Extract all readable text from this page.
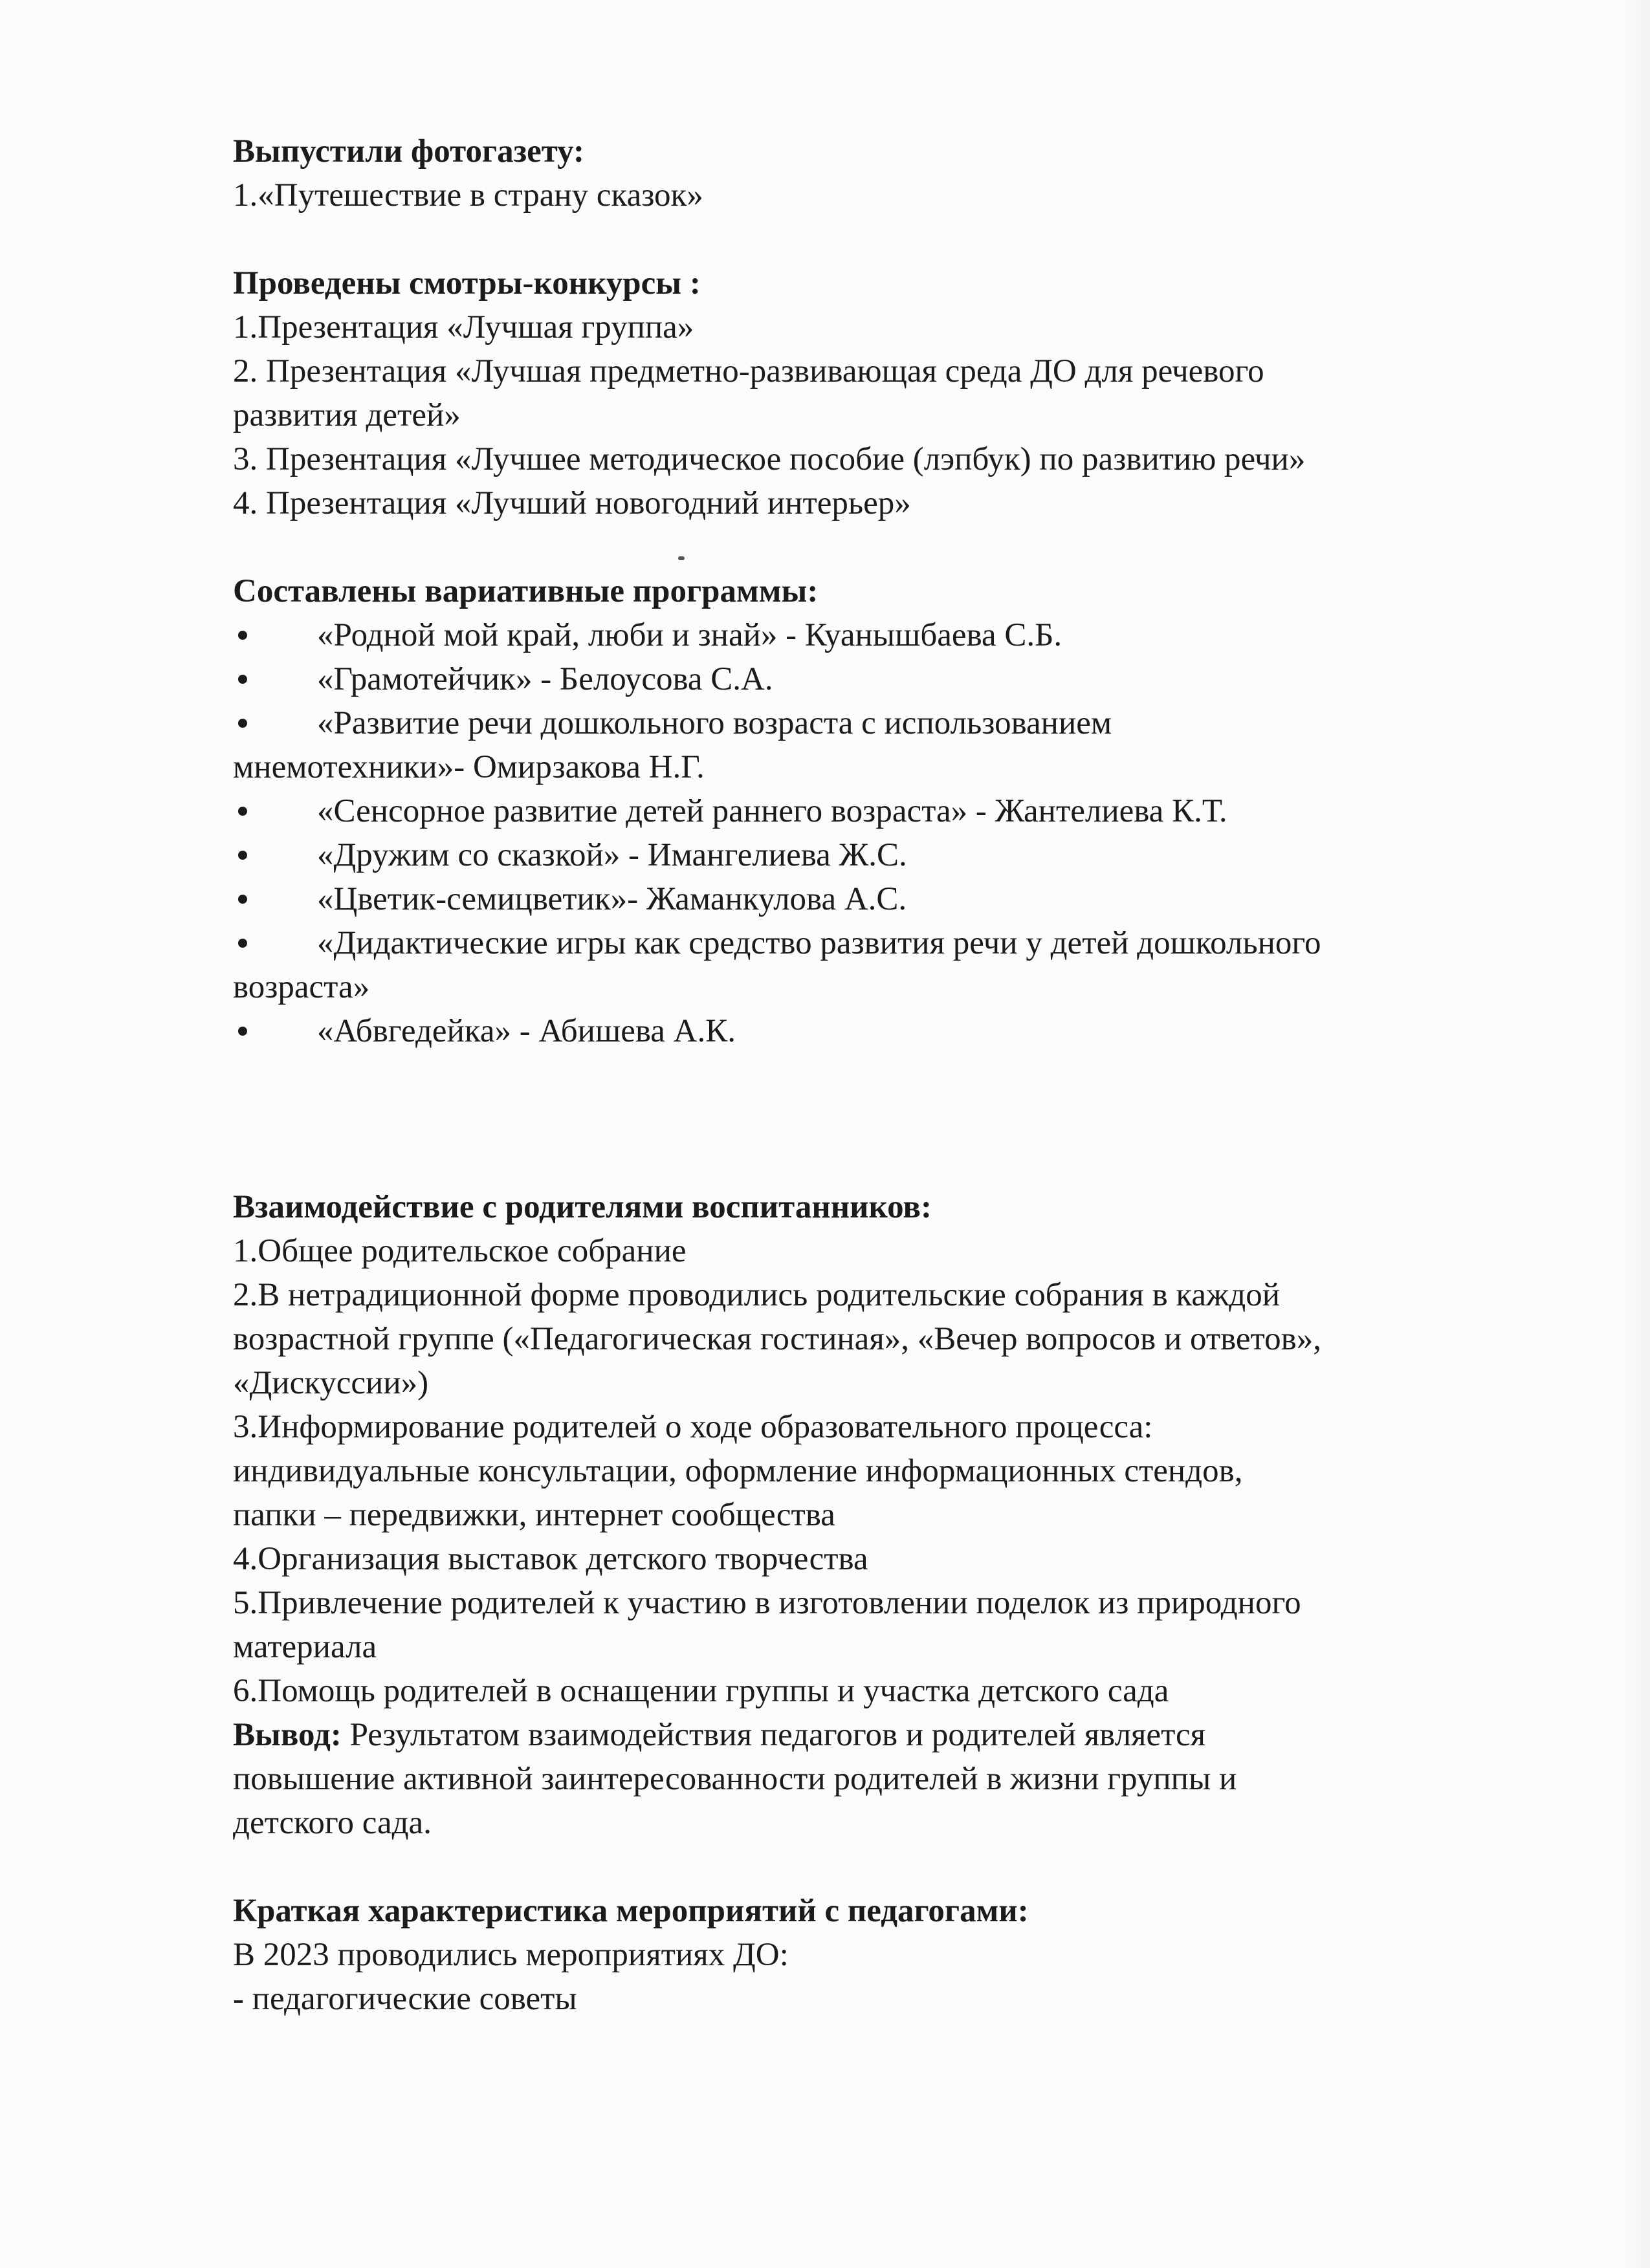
Выпустили фотогазету:
1.«Путешествие в страну сказок»
Проведены смотры-конкурсы :
1.Презентация «Лучшая группа»
2. Презентация «Лучшая предметно-развивающая среда ДО для речевого
развития детей»
3. Презентация «Лучшее методическое пособие (лэпбук) по развитию речи»
4. Презентация «Лучший новогодний интерьер»
Составлены вариативные программы:
«Родной мой край, люби и знай» - Куанышбаева С.Б.
«Грамотейчик» - Белоусова С.А.
«Развитие речи дошкольного возраста с использованием
мнемотехники»- Омирзакова Н.Г.
«Сенсорное развитие детей раннего возраста» - Жантелиева К.Т.
«Дружим со сказкой» - Имангелиева Ж.С.
«Цветик-семицветик»- Жаманкулова А.С.
«Дидактические игры как средство развития речи у детей дошкольного
возраста»
«Абвгедейка» - Абишева А.К.
Взаимодействие с родителями воспитанников:
1.Общее родительское собрание
2.В нетрадиционной форме проводились родительские собрания в каждой
возрастной группе («Педагогическая гостиная», «Вечер вопросов и ответов»,
«Дискуссии»)
3.Информирование родителей о ходе образовательного процесса:
индивидуальные консультации, оформление информационных стендов,
папки – передвижки, интернет сообщества
4.Организация выставок детского творчества
5.Привлечение родителей к участию в изготовлении поделок из природного
материала
6.Помощь родителей в оснащении группы и участка детского сада
Вывод: Результатом взаимодействия педагогов и родителей является
повышение активной заинтересованности родителей в жизни группы и
детского сада.
Краткая характеристика мероприятий с педагогами:
В 2023 проводились мероприятиях ДО:
- педагогические советы
